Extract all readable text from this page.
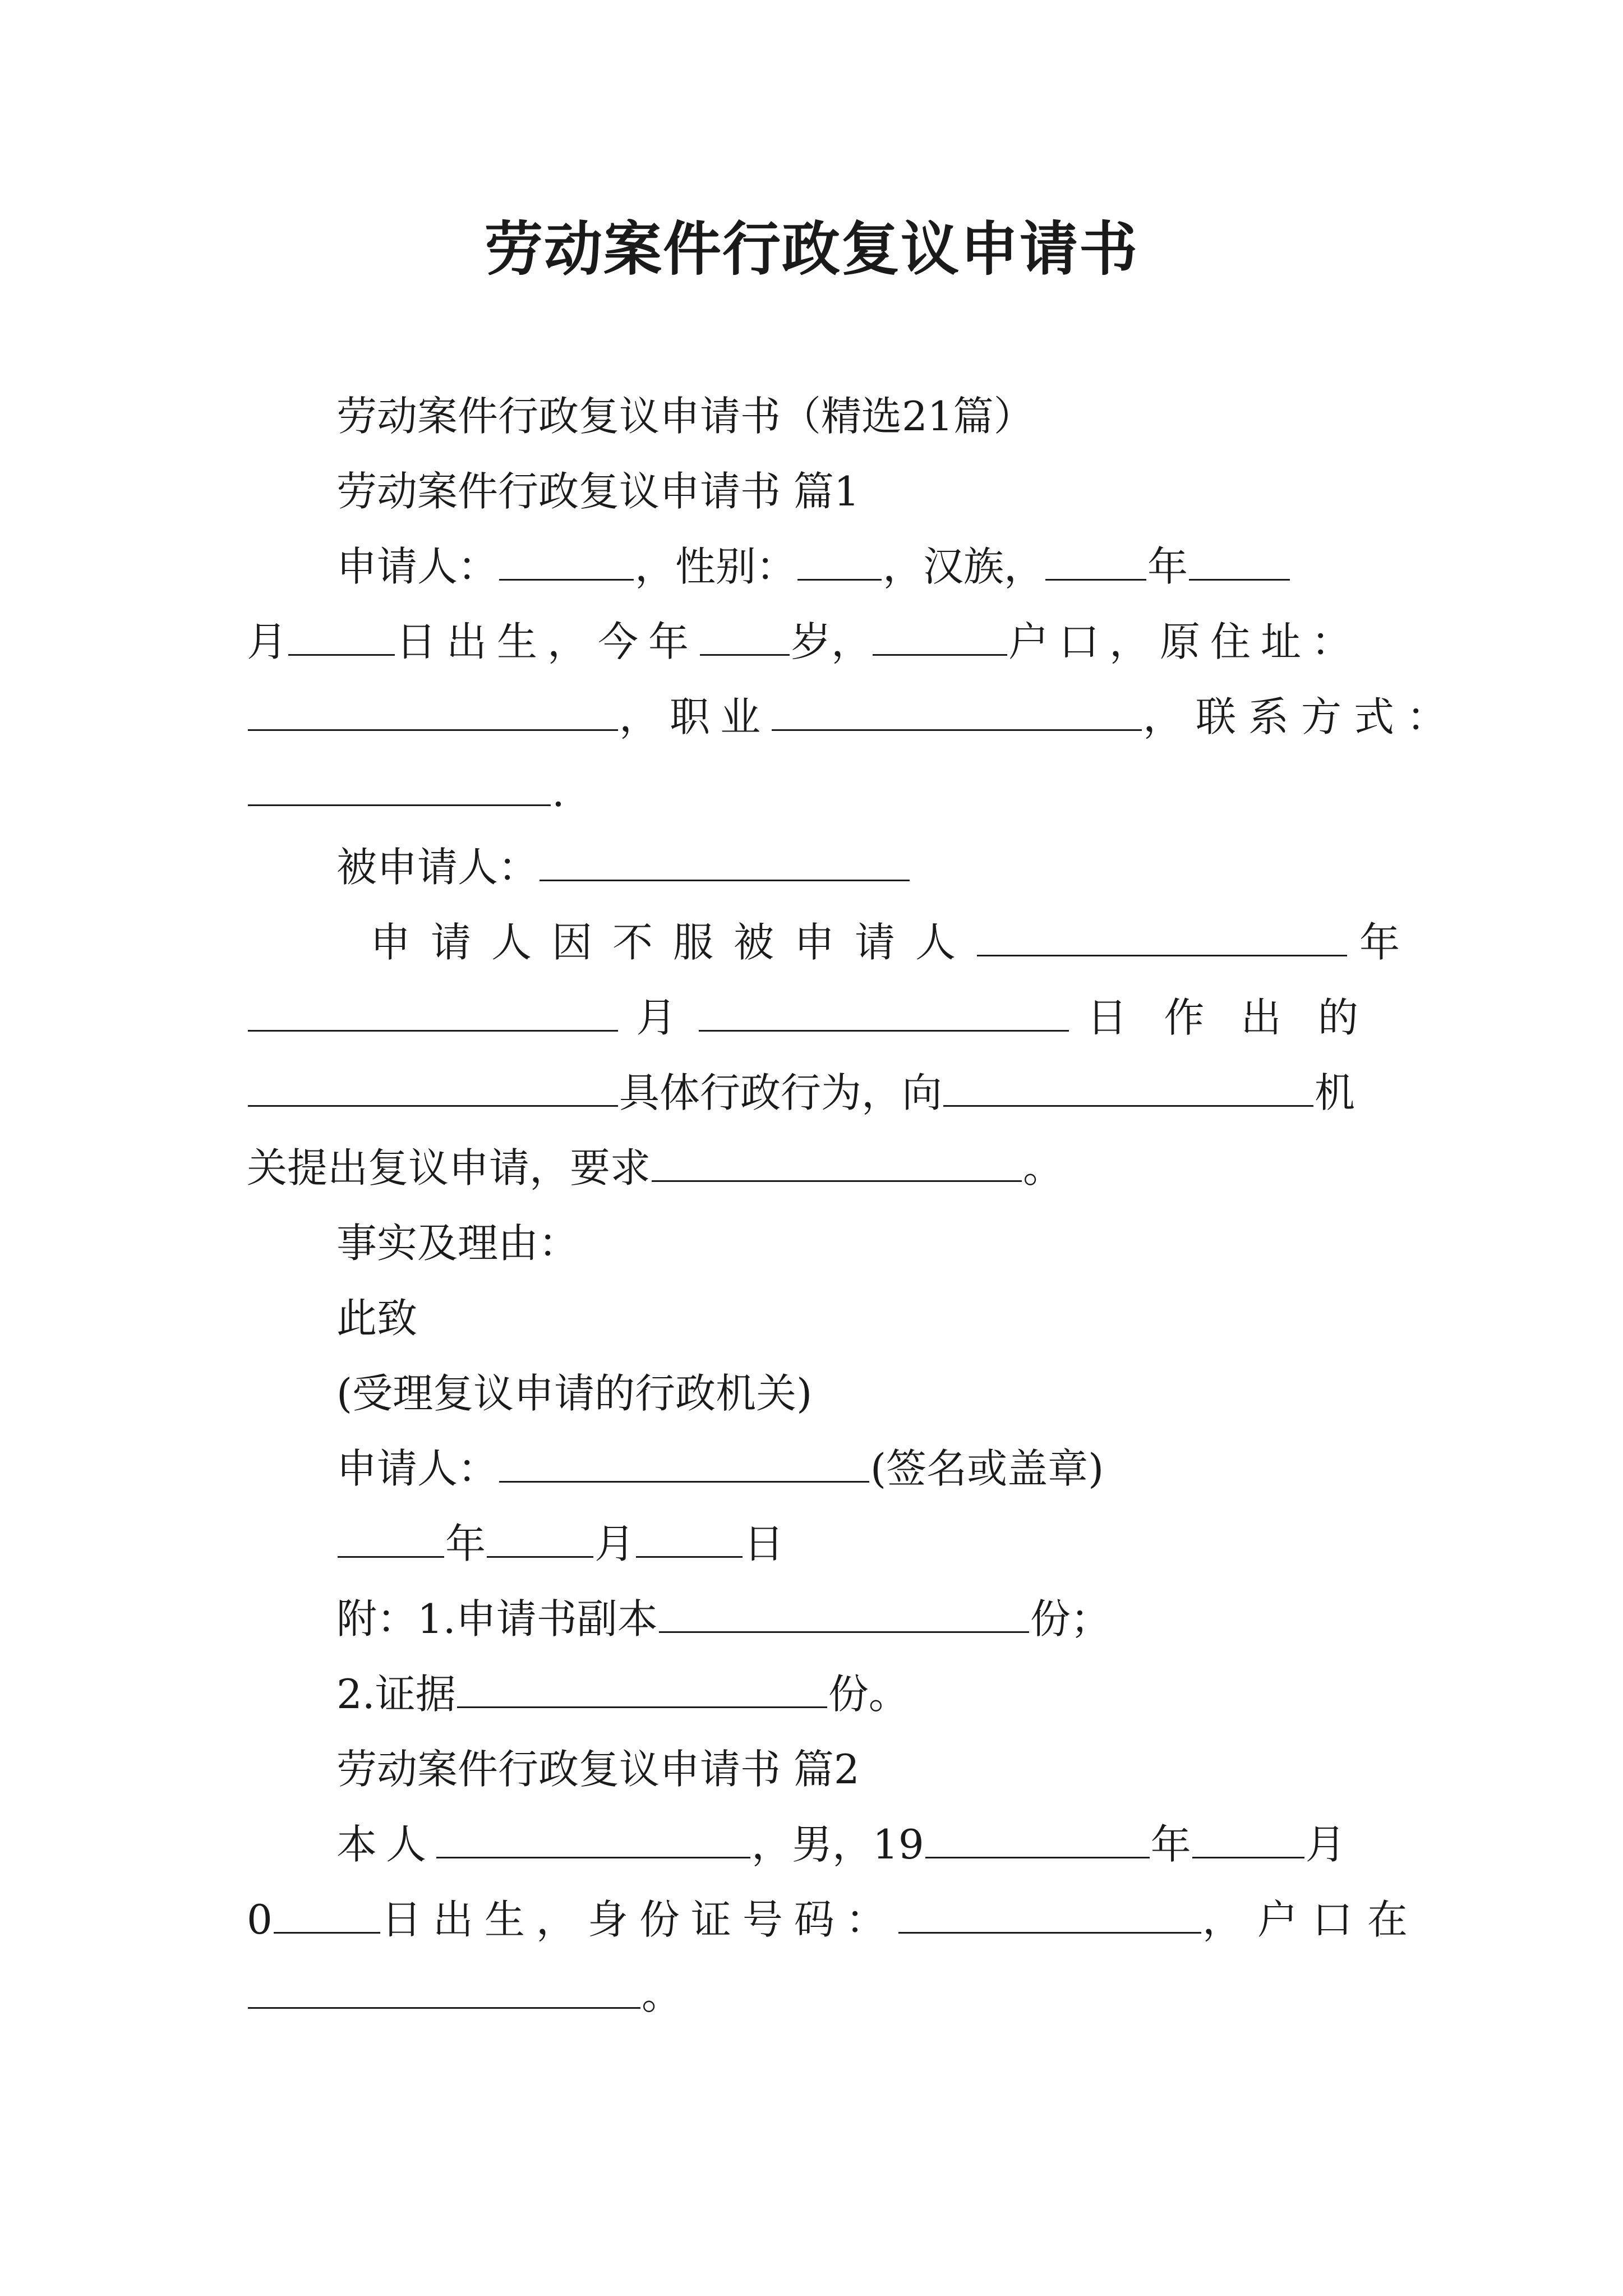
劳动案件行政复议申请书
劳动案件行政复议申请书（精选21篇）
劳动案件行政复议申请书 篇1
申请人：	，性别： ，汉族，	年
月	日出生，今年 岁，	户口，原住址：
，职业	，联系方式：
.
被申请人：
申请人因不服被申请人	年
月	日作出的
具体行政行为，向	机
关提出复议申请，要求	。
事实及理由：
此致
(受理复议申请的行政机关)
申请人：	(签名或盖章)
年	月	日
附：1.申请书副本	份；
2.证据	份。
劳动案件行政复议申请书 篇2
本人	，男，19	年	月
0	日出生，身份证号码：	，户口在
。
